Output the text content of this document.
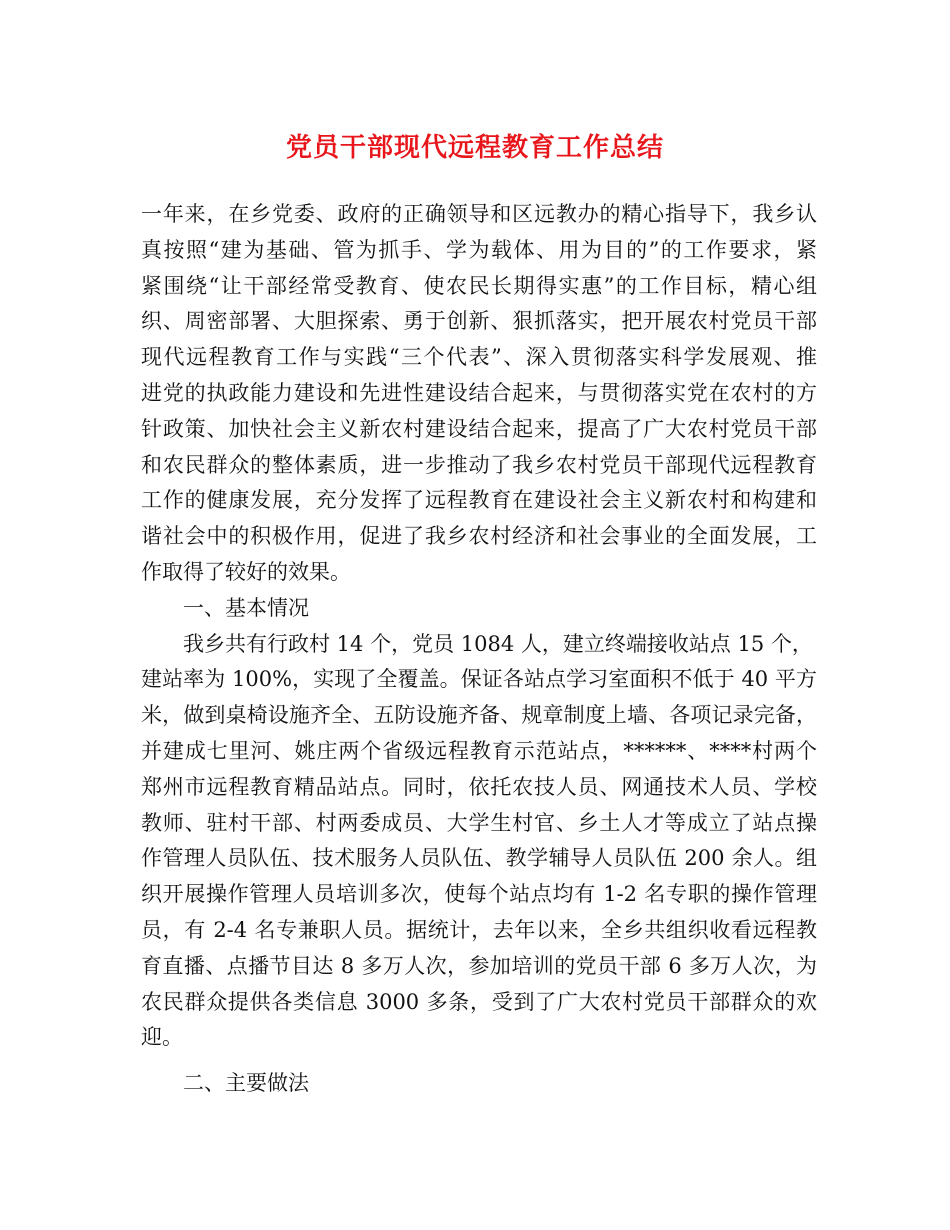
党员干部现代远程教育工作总结
一年来，在乡党委、政府的正确领导和区远教办的精心指导下，我乡认
真按照“建为基础、管为抓手、学为载体、用为目的”的工作要求，紧
紧围绕“让干部经常受教育、使农民长期得实惠”的工作目标，精心组
织、周密部署、大胆探索、勇于创新、狠抓落实，把开展农村党员干部
现代远程教育工作与实践“三个代表”、深入贯彻落实科学发展观、推
进党的执政能力建设和先进性建设结合起来，与贯彻落实党在农村的方
针政策、加快社会主义新农村建设结合起来，提高了广大农村党员干部
和农民群众的整体素质，进一步推动了我乡农村党员干部现代远程教育
工作的健康发展，充分发挥了远程教育在建设社会主义新农村和构建和
谐社会中的积极作用，促进了我乡农村经济和社会事业的全面发展，工
作取得了较好的效果。
一、基本情况
我乡共有行政村 14 个，党员 1084 人，建立终端接收站点 15 个，
建站率为 100%，实现了全覆盖。保证各站点学习室面积不低于 40 平方
米，做到桌椅设施齐全、五防设施齐备、规章制度上墙、各项记录完备，
并建成七里河、姚庄两个省级远程教育示范站点，******、****村两个
郑州市远程教育精品站点。同时，依托农技人员、网通技术人员、学校
教师、驻村干部、村两委成员、大学生村官、乡土人才等成立了站点操
作管理人员队伍、技术服务人员队伍、教学辅导人员队伍 200 余人。组
织开展操作管理人员培训多次，使每个站点均有 1-2 名专职的操作管理
员，有 2-4 名专兼职人员。据统计，去年以来，全乡共组织收看远程教
育直播、点播节目达 8 多万人次，参加培训的党员干部 6 多万人次，为
农民群众提供各类信息 3000 多条，受到了广大农村党员干部群众的欢
迎。
二、主要做法
